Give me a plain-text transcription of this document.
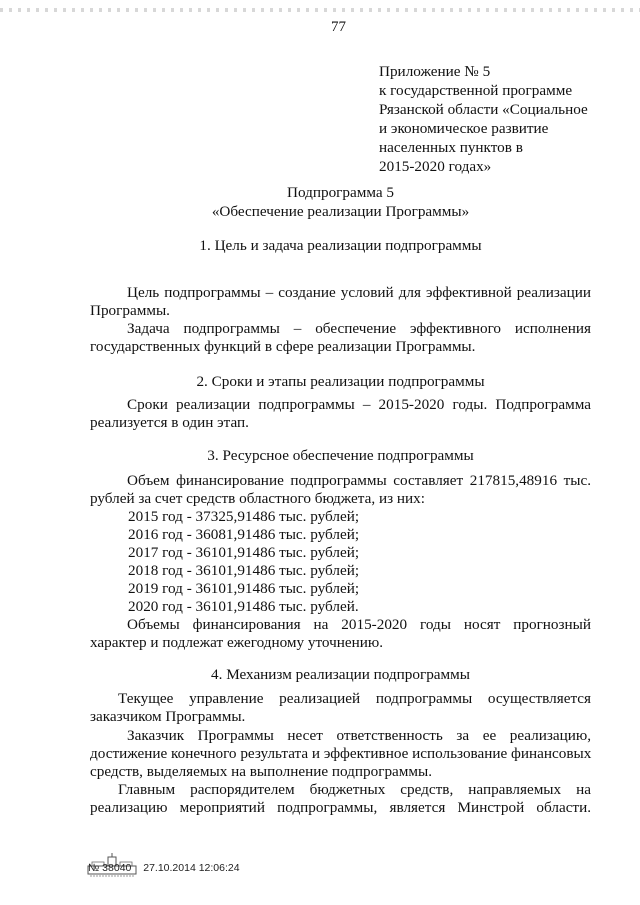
77
Приложение № 5
к государственной программе
Рязанской области «Социальное
и экономическое развитие
населенных пунктов в
2015-2020 годах»
Подпрограмма 5
«Обеспечение реализации Программы»
1. Цель и задача реализации подпрограммы
Цель подпрограммы – создание условий для эффективной реализации
Программы.
Задача подпрограммы – обеспечение эффективного исполнения
государственных функций в сфере реализации Программы.
2. Сроки и этапы реализации подпрограммы
Сроки реализации подпрограммы – 2015-2020 годы. Подпрограмма
реализуется в один этап.
3. Ресурсное обеспечение подпрограммы
Объем финансирование подпрограммы составляет 217815,48916 тыс.
рублей за счет средств областного бюджета, из них:
2015 год - 37325,91486 тыс. рублей;
2016 год - 36081,91486 тыс. рублей;
2017 год - 36101,91486 тыс. рублей;
2018 год - 36101,91486 тыс. рублей;
2019 год - 36101,91486 тыс. рублей;
2020 год - 36101,91486 тыс. рублей.
Объемы финансирования на 2015-2020 годы носят прогнозный
характер и подлежат ежегодному уточнению.
4. Механизм реализации подпрограммы
Текущее управление реализацией подпрограммы осуществляется
заказчиком Программы.
Заказчик Программы несет ответственность за ее реализацию,
достижение конечного результата и эффективное использование финансовых
средств, выделяемых на выполнение подпрограммы.
Главным распорядителем бюджетных средств, направляемых на
реализацию мероприятий подпрограммы, является Минстрой области.
№ 38040 27.10.2014 12:06:24
